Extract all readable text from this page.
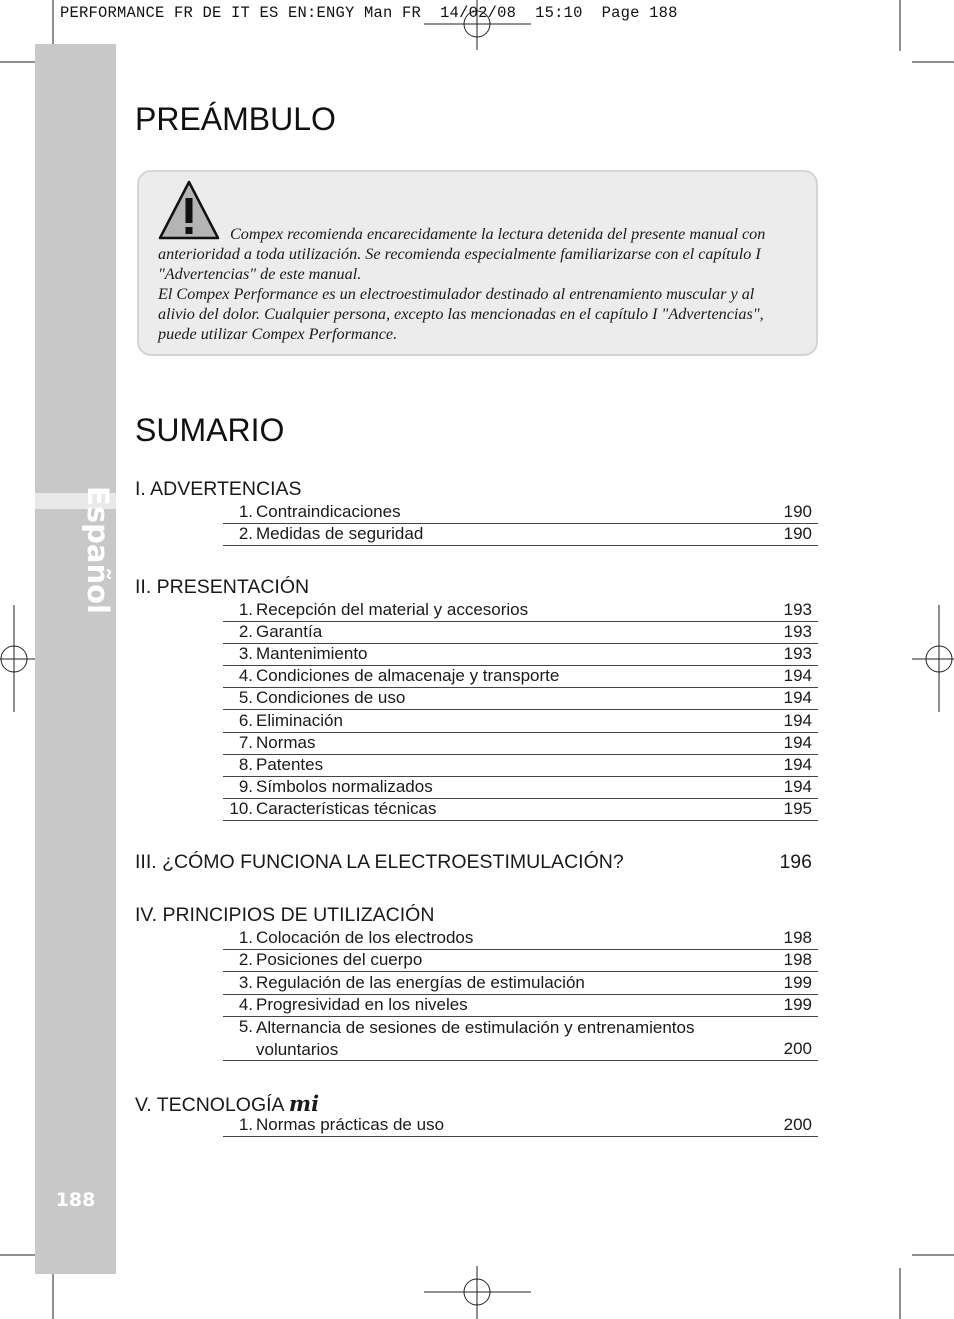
PERFORMANCE FR DE IT ES EN:ENGY Man FR  14/02/08  15:10  Page 188
Español
188
PREÁMBULO

Compex recomienda encarecidamente la lectura detenida del presente manual con anterioridad a toda utilización. Se recomienda especialmente familiarizarse con el capítulo I "Advertencias" de este manual.

El Compex Performance es un electroestimulador destinado al entrenamiento muscular y al alivio del dolor. Cualquier persona, excepto las mencionadas en el capítulo I "Advertencias", puede utilizar Compex Performance.

SUMARIO
I. ADVERTENCIAS
1. Contraindicaciones	190
2. Medidas de seguridad	190
II. PRESENTACIÓN
1. Recepción del material y accesorios	193
2. Garantía	193
3. Mantenimiento	193
4. Condiciones de almacenaje y transporte	194
5. Condiciones de uso	194
6. Eliminación	194
7. Normas	194
8. Patentes	194
9. Símbolos normalizados	194
10. Características técnicas	195
III. ¿CÓMO FUNCIONA LA ELECTROESTIMULACIÓN?	196
IV. PRINCIPIOS DE UTILIZACIÓN
1. Colocación de los electrodos	198
2. Posiciones del cuerpo	198
3. Regulación de las energías de estimulación	199
4. Progresividad en los niveles	199
5. Alternancia de sesiones de estimulación y entrenamientos voluntarios	200
V. TECNOLOGÍA mi
1. Normas prácticas de uso	200
